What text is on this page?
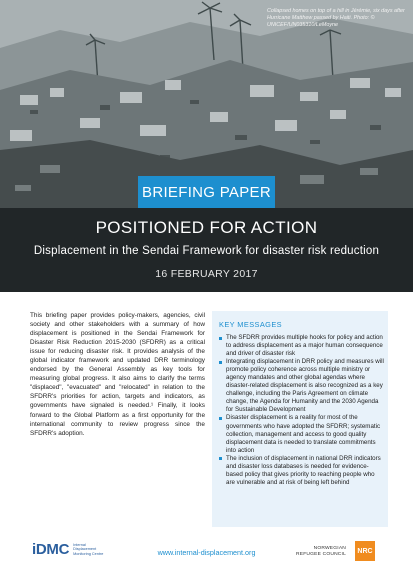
Collapsed homes on top of a hill in Jérémie, six days after Hurricane Matthew passed by Haiti. Photo: © UNICEF/UN035310/LeMoyne
BRIEFING PAPER
POSITIONED FOR ACTION
Displacement in the Sendai Framework for disaster risk reduction
16 FEBRUARY 2017

This briefing paper provides policy-makers, agencies, civil society and other stakeholders with a summary of how displacement is positioned in the Sendai Framework for Disaster Risk Reduction 2015-2030 (SFDRR) as a critical issue for reducing disaster risk. It provides analysis of the global indicator framework and updated DRR terminology endorsed by the General Assembly as key tools for measuring global progress. It also aims to clarify the terms "displaced", "evacuated" and "relocated" in relation to the SFDRR's priorities for action, targets and indicators, as governments have signaled is needed.¹ Finally, it looks forward to the Global Platform as a first opportunity for the international community to review progress since the SFDRR's adoption.

KEY MESSAGES
The SFDRR provides multiple hooks for policy and action to address displacement as a major human consequence and driver of disaster risk
Integrating displacement in DRR policy and measures will promote policy coherence across multiple ministry or agency mandates and other global agendas where disaster-related displacement is also recognized as a key challenge, including the Paris Agreement on climate change, the Agenda for Humanity and the 2030 Agenda for Sustainable Development
Disaster displacement is a reality for most of the governments who have adopted the SFDRR; systematic collection, management and access to good quality displacement data is needed to translate commitments into action
The inclusion of displacement in national DRR indicators and disaster loss databases is needed for evidence-based policy that gives priority to reaching people who are vulnerable and at risk of being left behind
iDMC Internal Displacement Monitoring Centre	www.internal-displacement.org	NORWEGIAN
REFUGEE COUNCIL
NRC
